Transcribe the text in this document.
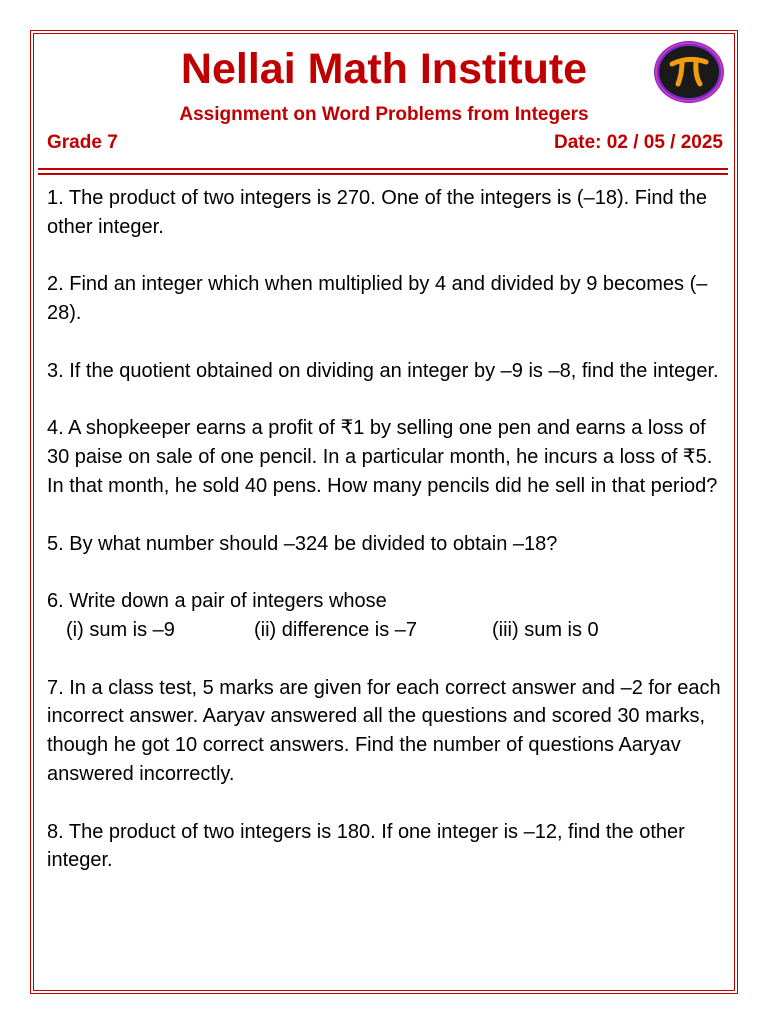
Nellai Math Institute
Assignment on Word Problems from Integers
Grade 7	Date: 02 / 05 / 2025

1. The product of two integers is 270. One of the integers is (–18). Find the other integer.

2. Find an integer which when multiplied by 4 and divided by 9 becomes (–28).

3. If the quotient obtained on dividing an integer by –9 is –8, find the integer.

4. A shopkeeper earns a profit of ₹1 by selling one pen and earns a loss of 30 paise on sale of one pencil. In a particular month, he incurs a loss of ₹5. In that month, he sold 40 pens. How many pencils did he sell in that period?

5. By what number should –324 be divided to obtain –18?

6. Write down a pair of integers whose
(i) sum is –9	(ii) difference is –7	(iii) sum is 0

7. In a class test, 5 marks are given for each correct answer and –2 for each incorrect answer. Aaryav answered all the questions and scored 30 marks, though he got 10 correct answers. Find the number of questions Aaryav answered incorrectly.

8. The product of two integers is 180. If one integer is –12, find the other integer.
